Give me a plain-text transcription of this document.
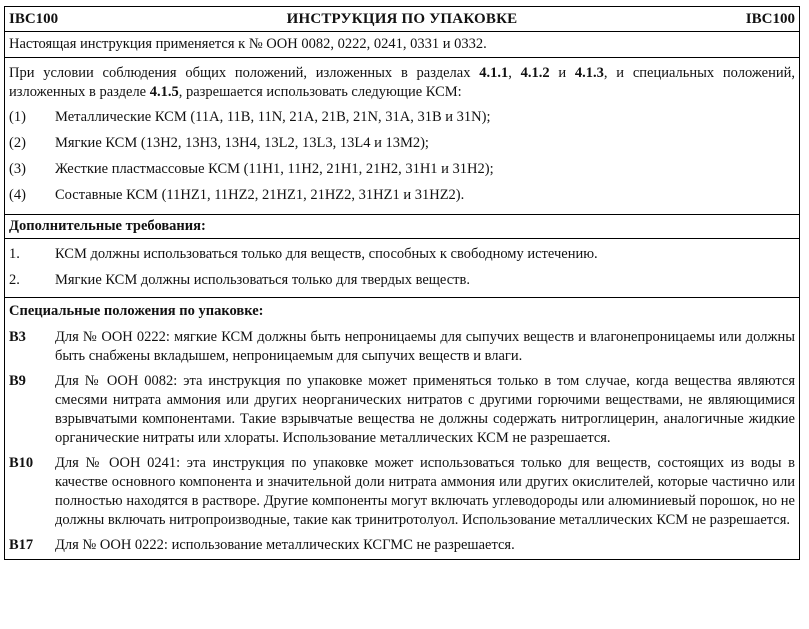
IBC100	ИНСТРУКЦИЯ ПО УПАКОВКЕ	IBC100
Настоящая инструкция применяется к № ООН 0082, 0222, 0241, 0331 и 0332.
При условии соблюдения общих положений, изложенных в разделах 4.1.1, 4.1.2 и 4.1.3, и специальных положений, изложенных в разделе 4.1.5, разрешается использовать следующие КСМ:
(1)	Металлические КСМ (11А, 11В, 11N, 21А, 21В, 21N, 31А, 31В и 31N);
(2)	Мягкие КСМ (13Н2, 13Н3, 13Н4, 13L2, 13L3, 13L4 и 13М2);
(3)	Жесткие пластмассовые КСМ (11Н1, 11Н2, 21Н1, 21Н2, 31Н1 и 31Н2);
(4)	Составные КСМ (11НZ1, 11НZ2, 21НZ1, 21НZ2, 31НZ1 и 31НZ2).
Дополнительные требования:
1.	КСМ должны использоваться только для веществ, способных к свободному истечению.
2.	Мягкие КСМ должны использоваться только для твердых веществ.
Специальные положения по упаковке:
B3	Для № ООН 0222: мягкие КСМ должны быть непроницаемы для сыпучих веществ и влагонепроницаемы или должны быть снабжены вкладышем, непроницаемым для сыпучих веществ и влаги.
B9	Для № ООН 0082: эта инструкция по упаковке может применяться только в том случае, когда вещества являются смесями нитрата аммония или других неорганических нитратов с другими горючими веществами, не являющимися взрывчатыми компонентами. Такие взрывчатые вещества не должны содержать нитроглицерин, аналогичные жидкие органические нитраты или хлораты. Использование металлических КСМ не разрешается.
B10	Для № ООН 0241: эта инструкция по упаковке может использоваться только для веществ, состоящих из воды в качестве основного компонента и значительной доли нитрата аммония или других окислителей, которые частично или полностью находятся в растворе. Другие компоненты могут включать углеводороды или алюминиевый порошок, но не должны включать нитропроизводные, такие как тринитротолуол. Использование металлических КСМ не разрешается.
B17	Для № ООН 0222: использование металлических КСГМС не разрешается.
